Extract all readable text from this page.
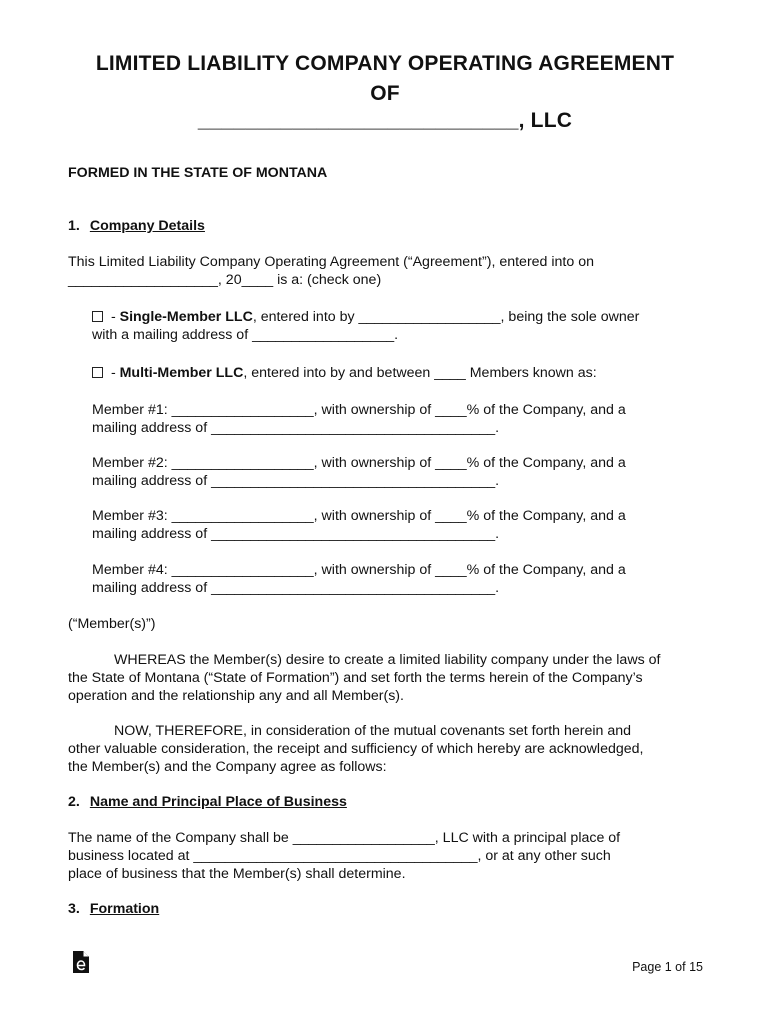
LIMITED LIABILITY COMPANY OPERATING AGREEMENT
OF
___________________________, LLC
FORMED IN THE STATE OF MONTANA
1. Company Details
This Limited Liability Company Operating Agreement (“Agreement”), entered into on
___________________, 20____ is a: (check one)
- Single-Member LLC, entered into by __________________, being the sole owner
with a mailing address of __________________.
- Multi-Member LLC, entered into by and between ____ Members known as:
Member #1: __________________, with ownership of ____% of the Company, and a
mailing address of ____________________________________.
Member #2: __________________, with ownership of ____% of the Company, and a
mailing address of ____________________________________.
Member #3: __________________, with ownership of ____% of the Company, and a
mailing address of ____________________________________.
Member #4: __________________, with ownership of ____% of the Company, and a
mailing address of ____________________________________.
(“Member(s)”)
WHEREAS the Member(s) desire to create a limited liability company under the laws of
the State of Montana (“State of Formation”) and set forth the terms herein of the Company’s
operation and the relationship any and all Member(s).
NOW, THEREFORE, in consideration of the mutual covenants set forth herein and
other valuable consideration, the receipt and sufficiency of which hereby are acknowledged,
the Member(s) and the Company agree as follows:
2. Name and Principal Place of Business
The name of the Company shall be __________________, LLC with a principal place of
business located at ____________________________________, or at any other such
place of business that the Member(s) shall determine.
3. Formation
Page 1 of 15
